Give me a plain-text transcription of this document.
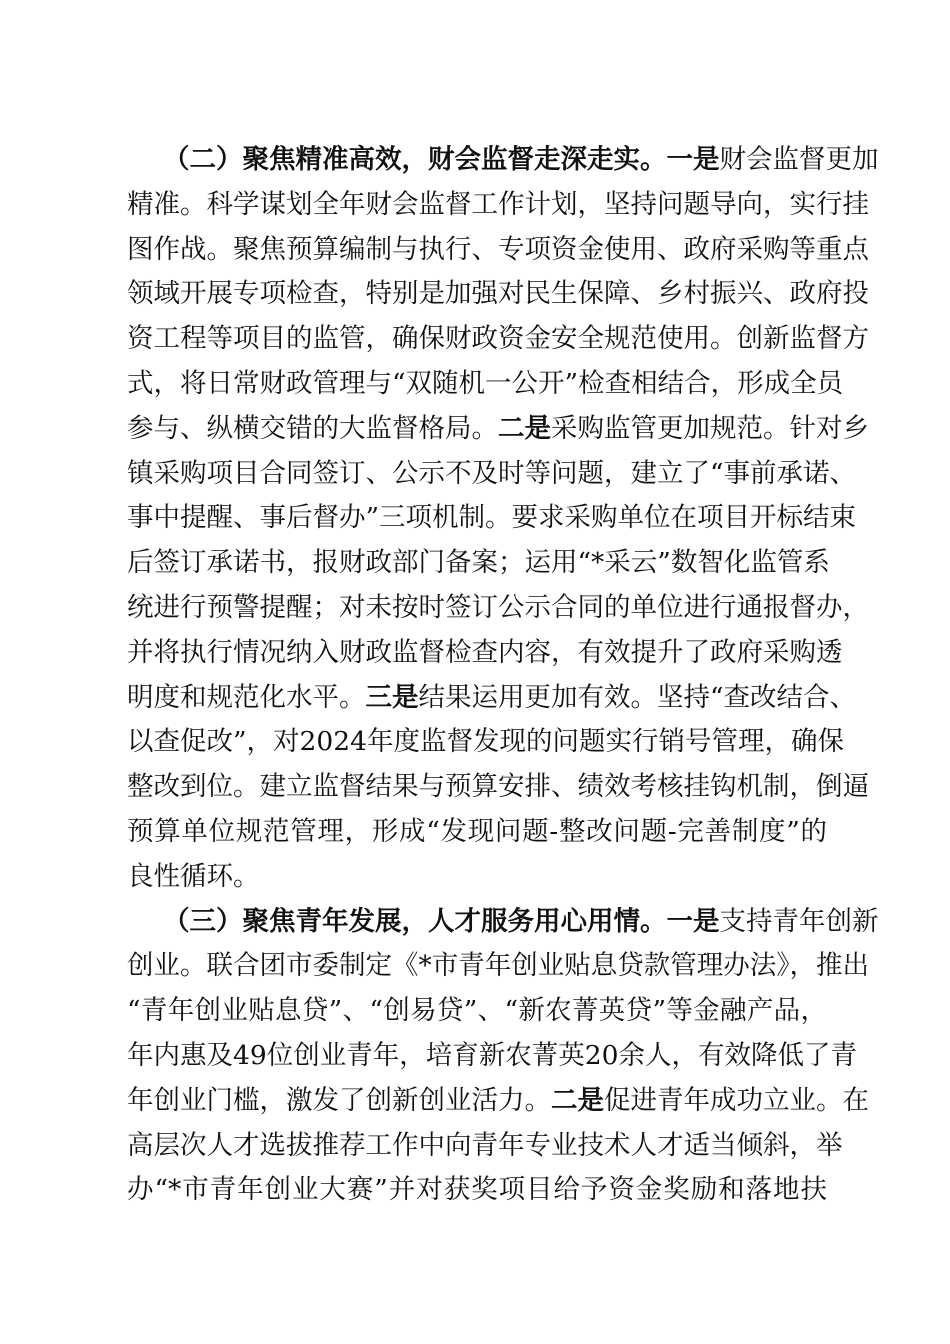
（二）聚焦精准高效，财会监督走深走实。一是财会监督更加
精准。科学谋划全年财会监督工作计划，坚持问题导向，实行挂
图作战。聚焦预算编制与执行、专项资金使用、政府采购等重点
领域开展专项检查，特别是加强对民生保障、乡村振兴、政府投
资工程等项目的监管，确保财政资金安全规范使用。创新监督方
式，将日常财政管理与“双随机一公开”检查相结合，形成全员
参与、纵横交错的大监督格局。二是采购监管更加规范。针对乡
镇采购项目合同签订、公示不及时等问题，建立了“事前承诺、
事中提醒、事后督办”三项机制。要求采购单位在项目开标结束
后签订承诺书，报财政部门备案；运用“*采云”数智化监管系
统进行预警提醒；对未按时签订公示合同的单位进行通报督办，
并将执行情况纳入财政监督检查内容，有效提升了政府采购透
明度和规范化水平。三是结果运用更加有效。坚持“查改结合、
以查促改”，对2024年度监督发现的问题实行销号管理，确保
整改到位。建立监督结果与预算安排、绩效考核挂钩机制，倒逼
预算单位规范管理，形成“发现问题-整改问题-完善制度”的
良性循环。
（三）聚焦青年发展，人才服务用心用情。一是支持青年创新
创业。联合团市委制定《*市青年创业贴息贷款管理办法》，推出
“青年创业贴息贷”、“创易贷”、“新农菁英贷”等金融产品，
年内惠及49位创业青年，培育新农菁英20余人，有效降低了青
年创业门槛，激发了创新创业活力。二是促进青年成功立业。在
高层次人才选拔推荐工作中向青年专业技术人才适当倾斜，举
办“*市青年创业大赛”并对获奖项目给予资金奖励和落地扶
